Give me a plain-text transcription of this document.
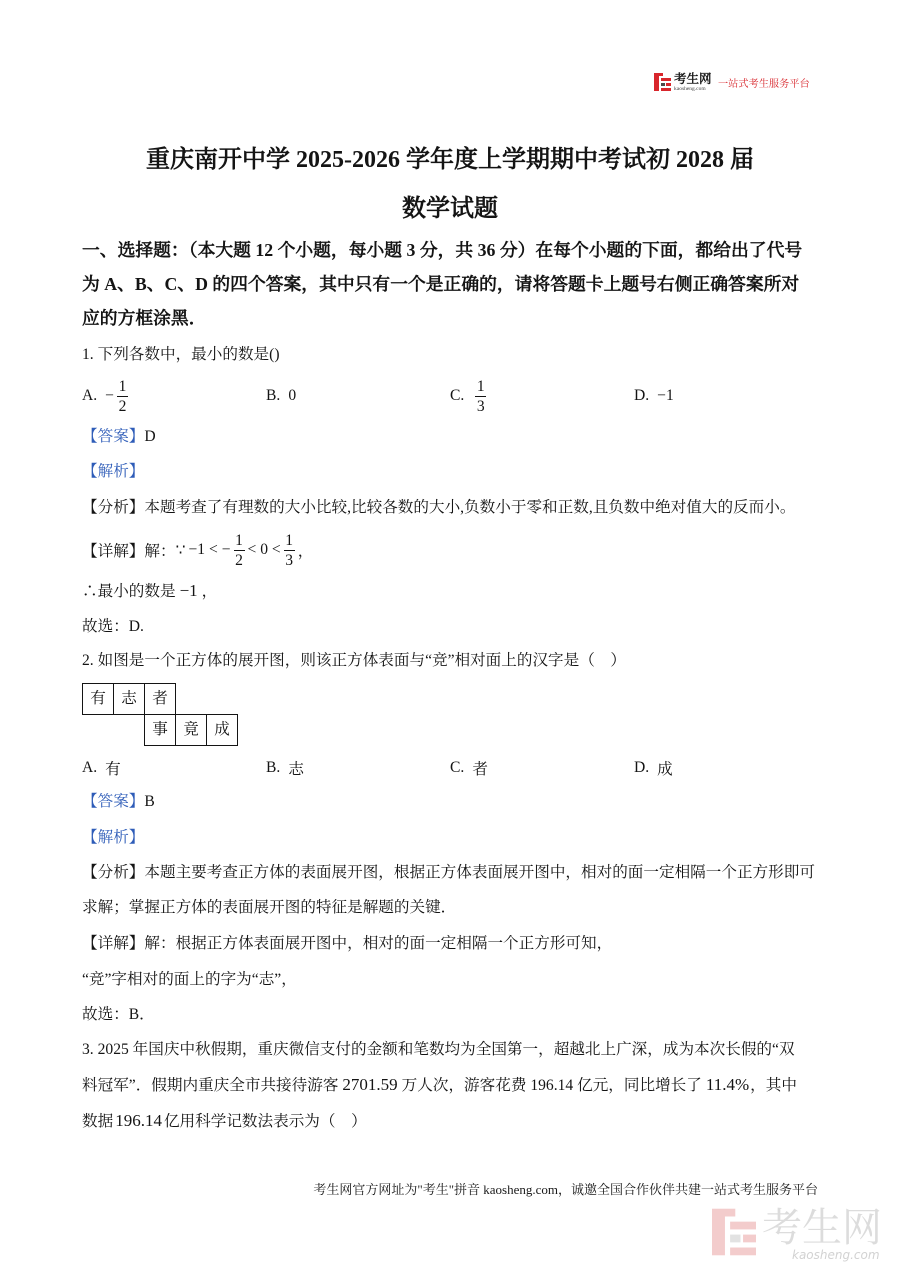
考生网
kaosheng.com 一站式考生服务平台
重庆南开中学 2025-2026 学年度上学期期中考试初 2028 届
数学试题
一、选择题：（本大题 12 个小题，每小题 3 分，共 36 分）在每个小题的下面，都给出了代号
为 A、B、C、D 的四个答案，其中只有一个是正确的，请将答题卡上题号右侧正确答案所对
应的方框涂黑．
1. 下列各数中，最小的数是()
A. − $\frac{1}{2}$	B. 0	C. $\frac{1}{3}$	D. −1
【答案】D
【解析】
【分析】本题考查了有理数的大小比较,比较各数的大小,负数小于零和正数,且负数中绝对值大的反而小。
【详解】 解： ∵ −1 < − $\frac{1}{2} < 0 < \frac{1}{3}$ ，
∴最小的数是 −1 ，
故选：D.
2. 如图是一个正方体的展开图，则该正方体表面与“竞”相对面上的汉字是（　）
有 志 者
事 竟 成
A. 有	B. 志	C. 者	D. 成
【答案】B
【解析】
【分析】本题主要考查正方体的表面展开图，根据正方体表面展开图中，相对的面一定相隔一个正方形即可
求解；掌握正方体的表面展开图的特征是解题的关键．
【详解】解：根据正方体表面展开图中，相对的面一定相隔一个正方形可知，
“竞”字相对的面上的字为“志”，
故选：B．
3. 2025 年国庆中秋假期，重庆微信支付的金额和笔数均为全国第一，超越北上广深，成为本次长假的“双
料冠军”．假期内重庆全市共接待游客 2701.59 万人次，游客花费 196.14 亿元，同比增长了 11.4%，其中
数据 196.14 亿用科学记数法表示为（　）
考生网官方网址为"考生"拼音 kaosheng.com，诚邀全国合作伙伴共建一站式考生服务平台
考生网
kaosheng.com
